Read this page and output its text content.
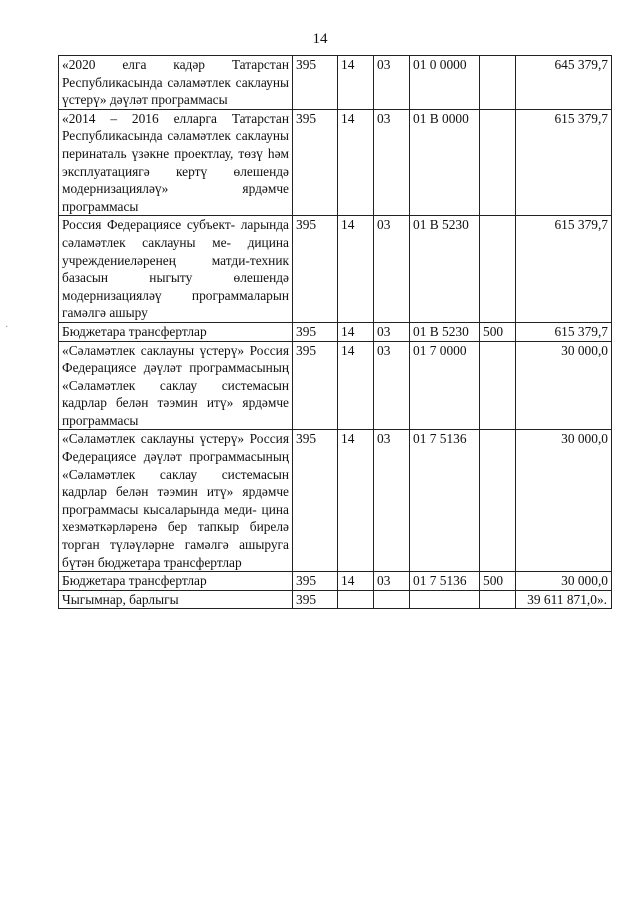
14
«2020 елга кадәр Татарстан Республикасында сәламәтлек саклауны үстерү» дәүләт программасы	395	14	03	01 0 0000		645 379,7
«2014 – 2016 елларга Татарстан Республикасында сәламәтлек саклауны перинаталь үзәкне проектлау, төзү һәм эксплуатациягә кертү өлешендә модернизацияләү» ярдәмче программасы	395	14	03	01 В 0000		615 379,7
Россия Федерациясе субъект- ларында сәламәтлек саклауны ме- дицина учреждениеләренең матди-техник базасын ныгыту өлешендә модернизацияләү программаларын гамәлгә ашыру	395	14	03	01 В 5230		615 379,7
Бюджетара трансфертлар	395	14	03	01 В 5230	500	615 379,7
«Сәламәтлек саклауны үстерү» Россия Федерациясе дәүләт программасының «Сәламәтлек саклау системасын кадрлар белән тәэмин итү» ярдәмче программасы	395	14	03	01 7 0000		30 000,0
«Сәламәтлек саклауны үстерү» Россия Федерациясе дәүләт программасының «Сәламәтлек саклау системасын кадрлар белән тәэмин итү» ярдәмче программасы кысаларында меди- цина хезмәткәрләренә бер тапкыр бирелә торган түләүләрне гамәлгә ашыруга бүтән бюджетара трансфертлар	395	14	03	01 7 5136		30 000,0
Бюджетара трансфертлар	395	14	03	01 7 5136	500	30 000,0
Чыгымнар, барлыгы	395					39 611 871,0».
·
